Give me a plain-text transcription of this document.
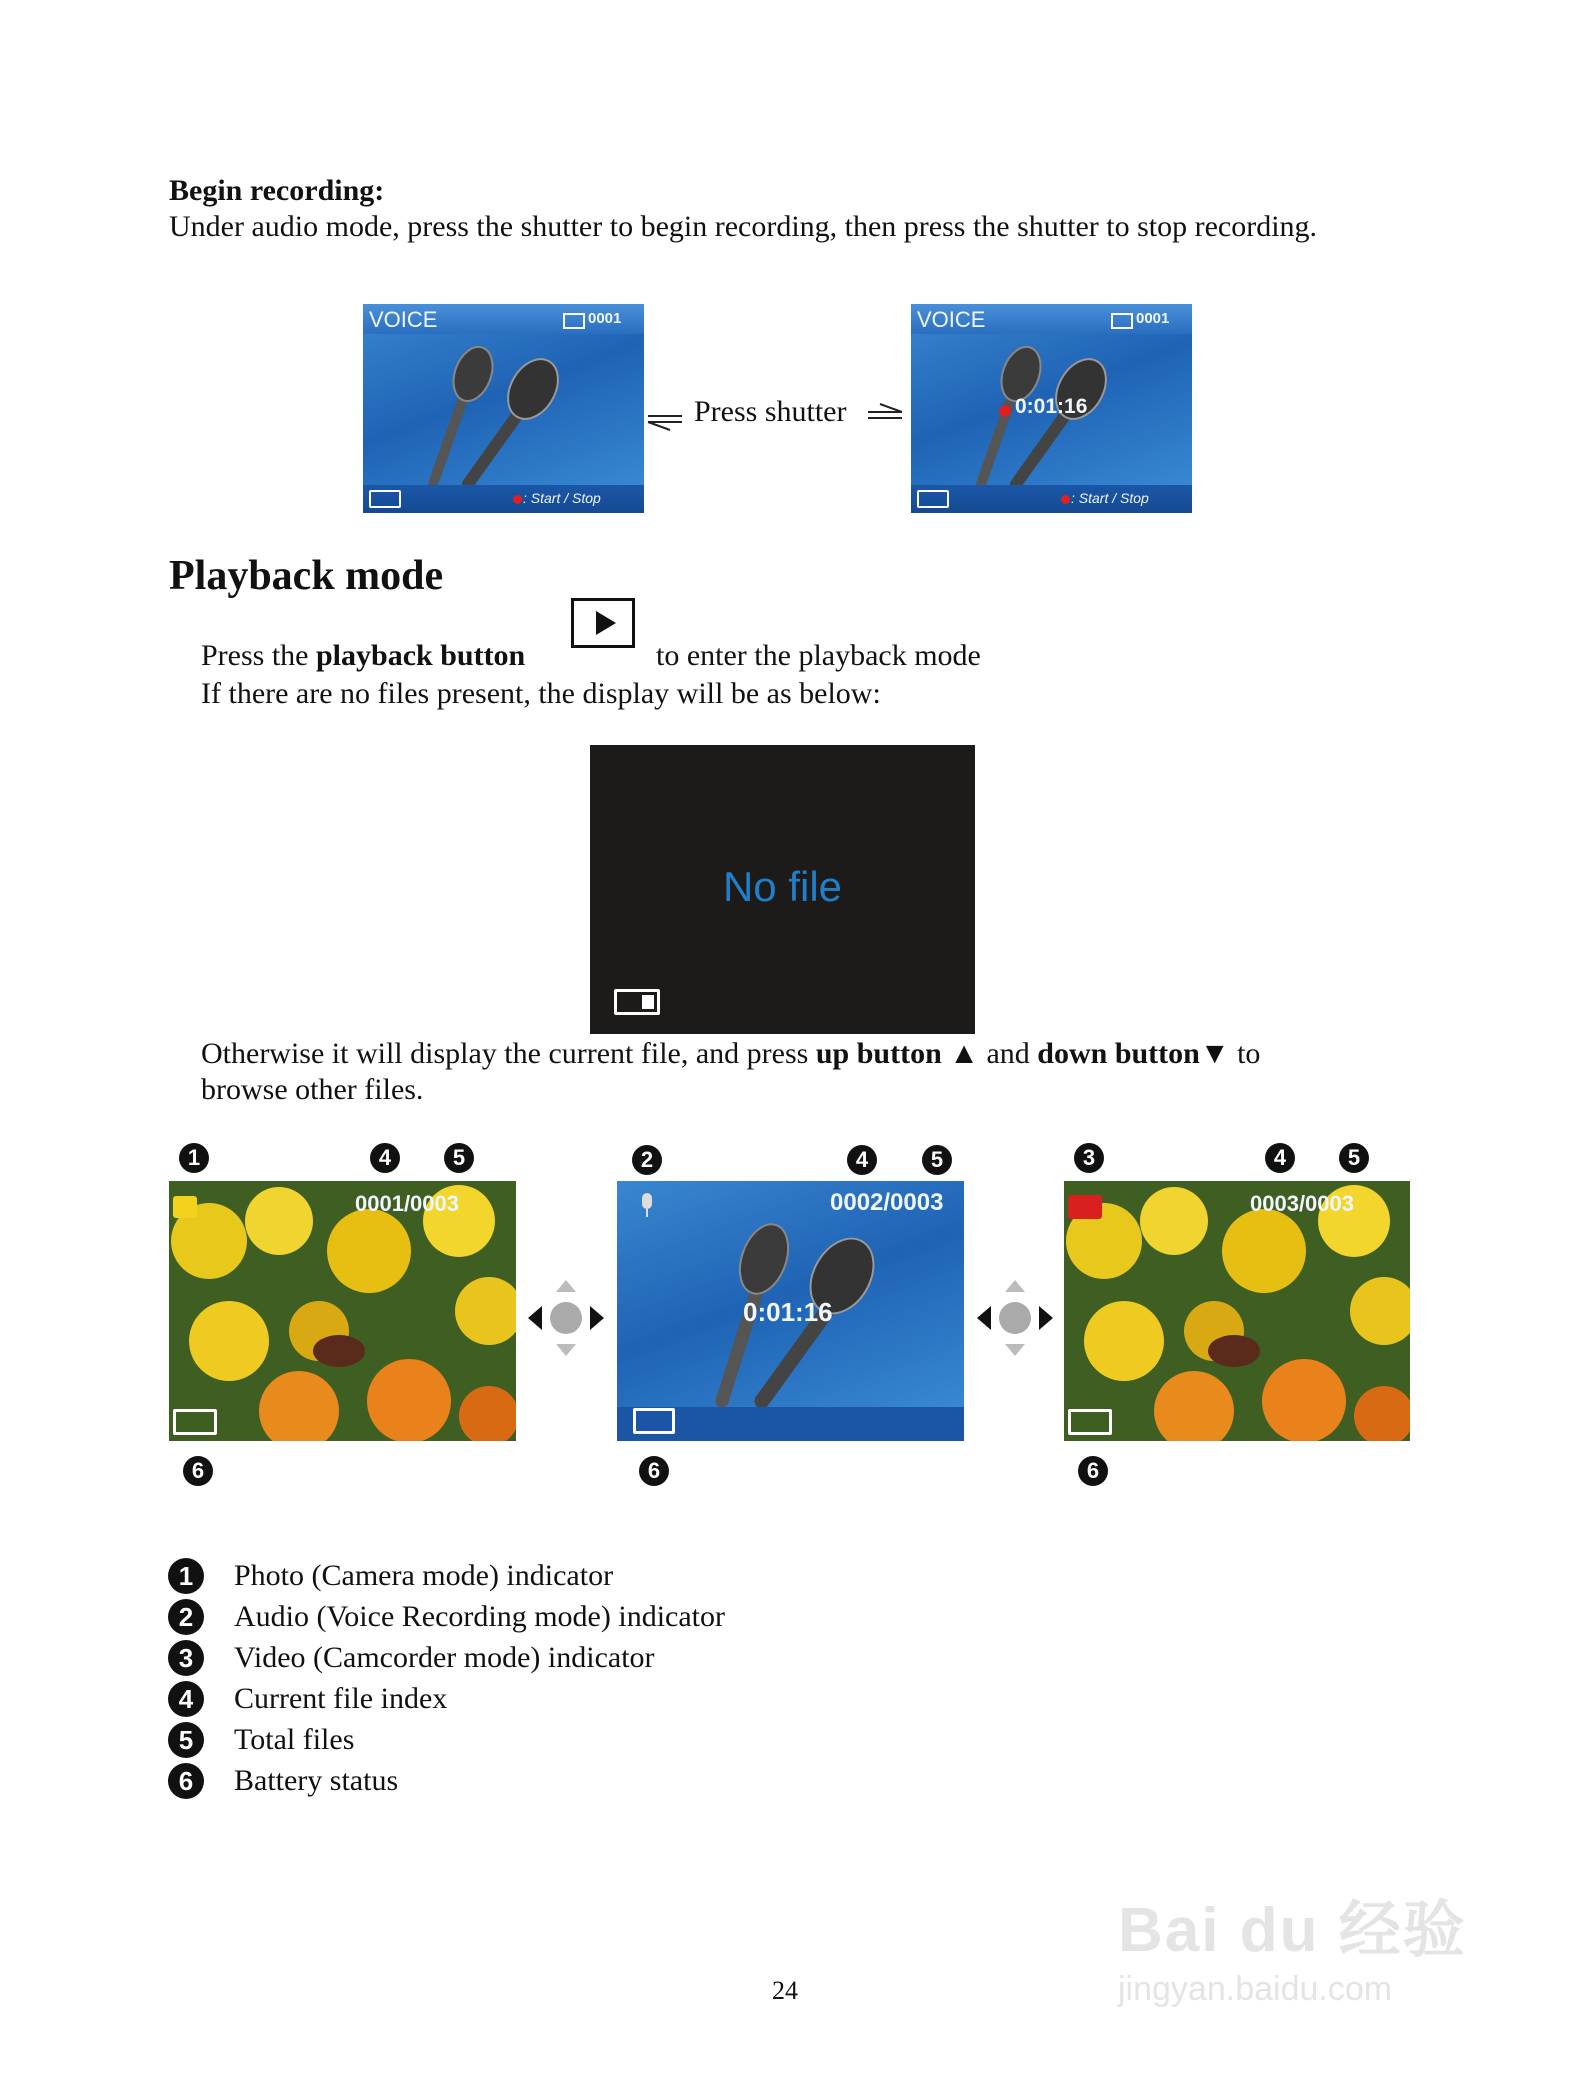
Begin recording:
Under audio mode, press the shutter to begin recording, then press the shutter to stop recording.
VOICE	0001
: Start / Stop
Press shutter
VOICE	0001
0:01:16
: Start / Stop
Playback mode
Press the playback button	to enter the playback mode
If there are no files present, the display will be as below:
No file
Otherwise it will display the current file, and press up button ▲ and down button▼ to
browse other files.
0001/0003	0002/0003
0:01:16
0003/0003
1	4	5
6
2	4	5
6
3	4	5
6
1	Photo (Camera mode) indicator
2	Audio (Voice Recording mode) indicator
3	Video (Camcorder mode) indicator
4	Current file index
5	Total files
6	Battery status
24
Bai du 经验
jingyan.baidu.com
